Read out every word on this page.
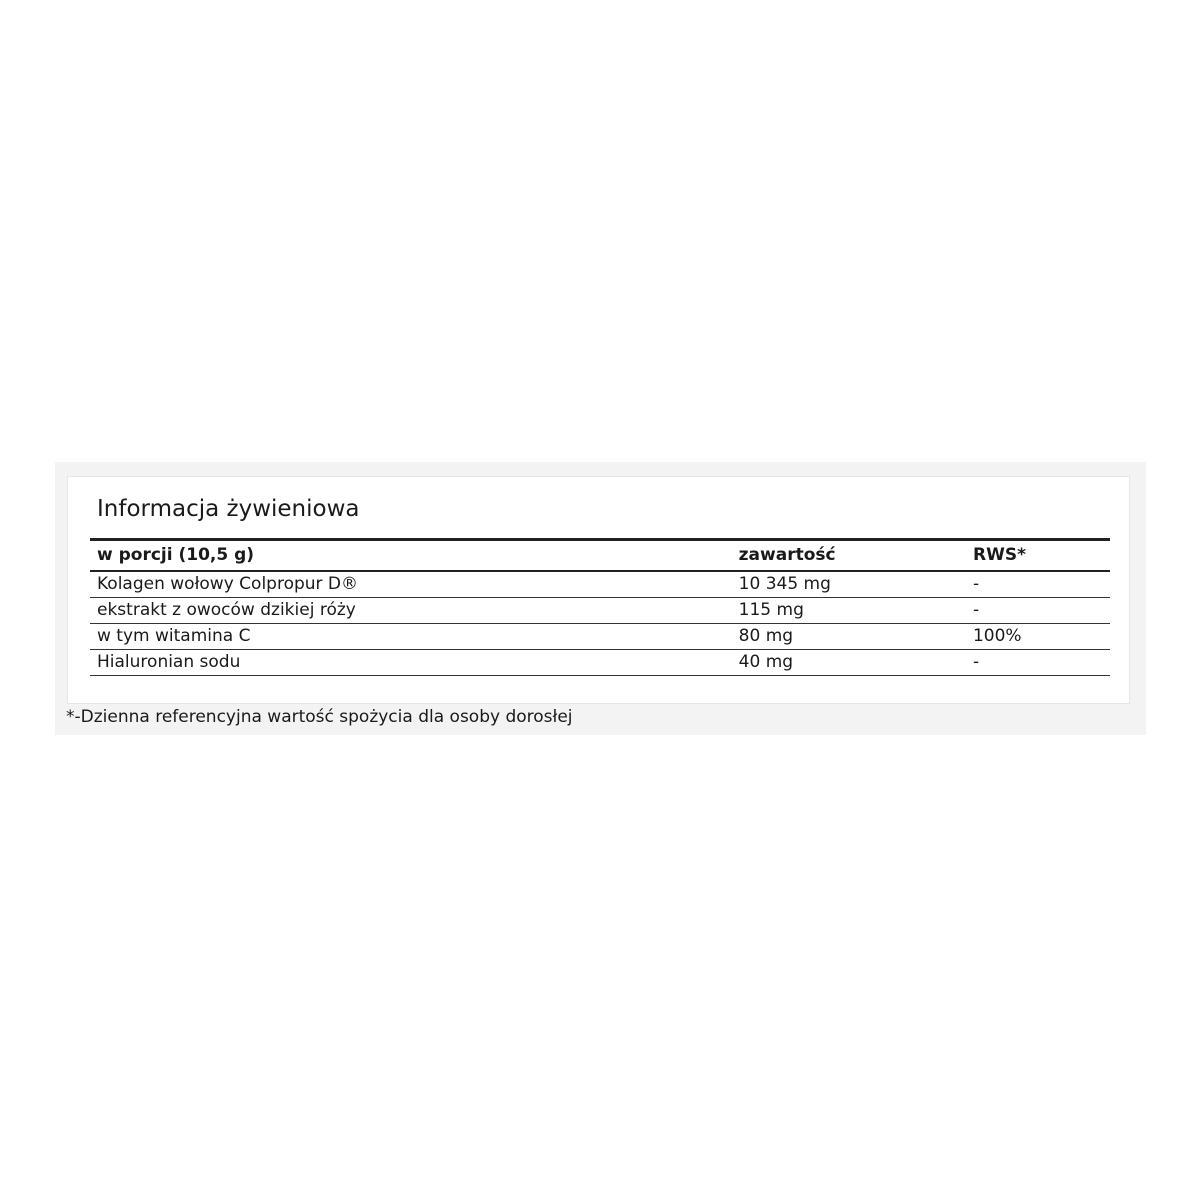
Informacja żywieniowa
w porcji (10,5 g)	zawartość	RWS*
Kolagen wołowy Colpropur D®	10 345 mg	-
ekstrakt z owoców dzikiej róży	115 mg	-
w tym witamina C	80 mg	100%
Hialuronian sodu	40 mg	-
*-Dzienna referencyjna wartość spożycia dla osoby dorosłej
